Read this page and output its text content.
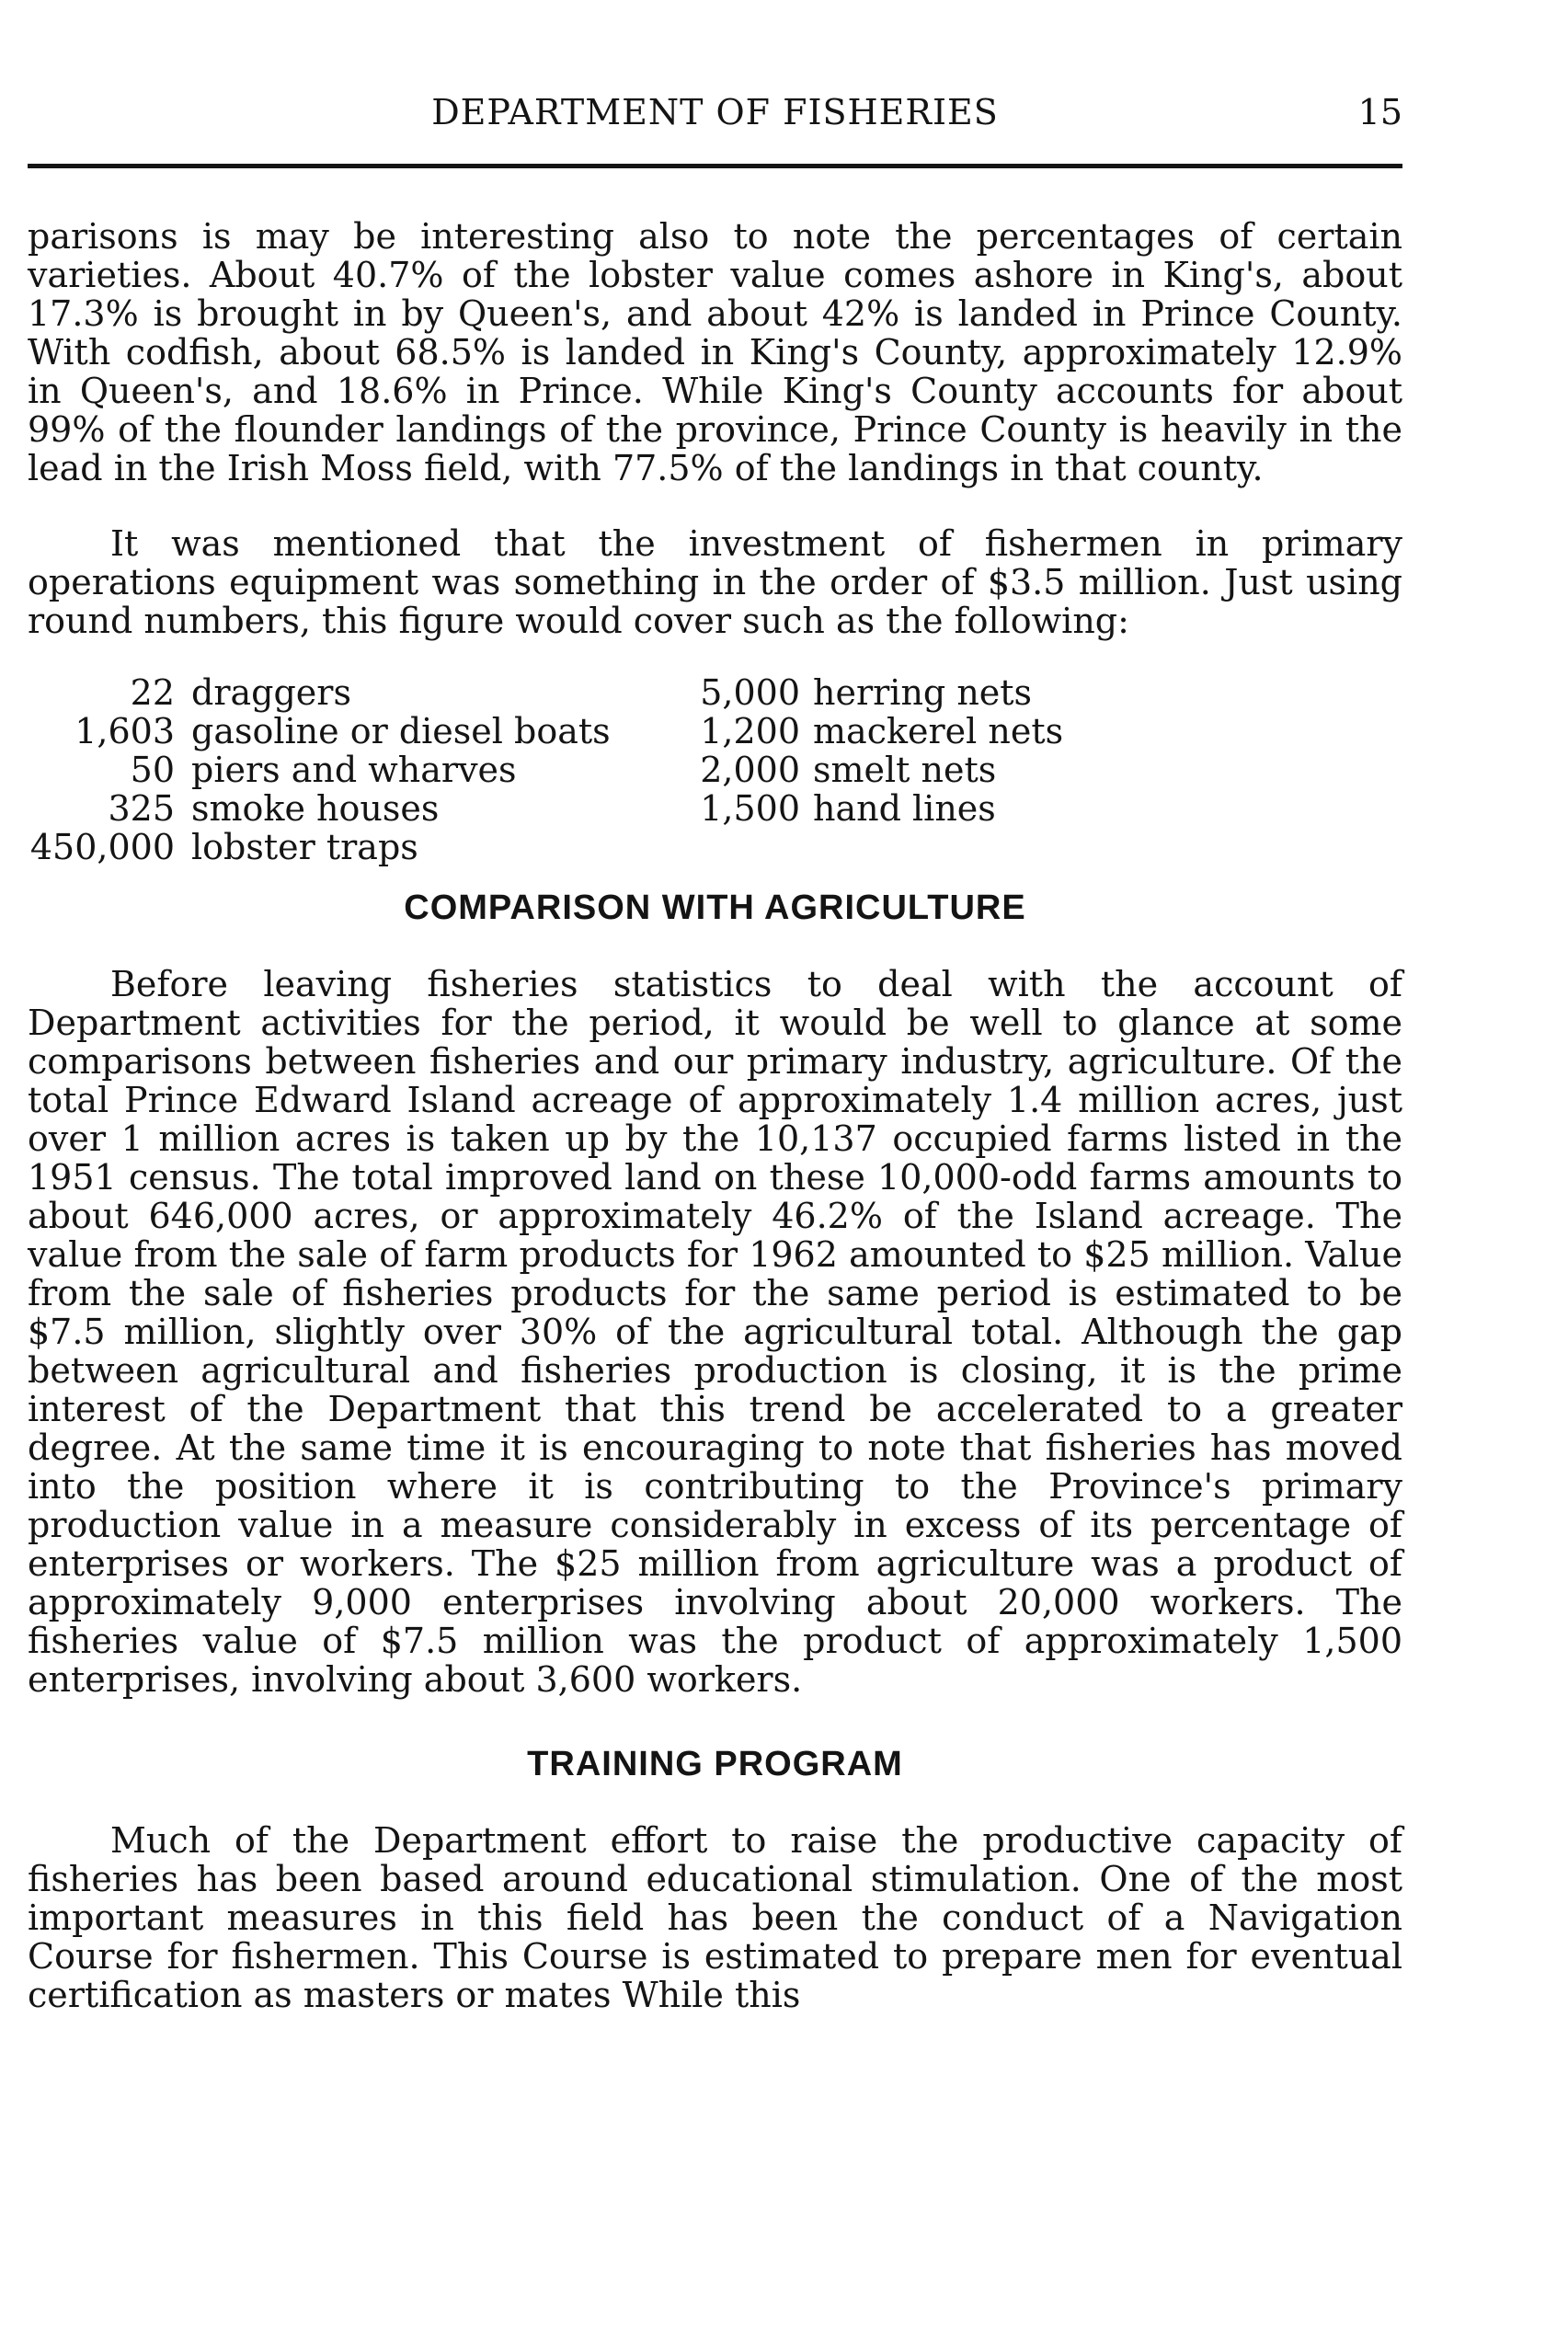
DEPARTMENT OF FISHERIES	15

parisons is may be interesting also to note the percentages of certain varieties. About 40.7% of the lobster value comes ashore in King's, about 17.3% is brought in by Queen's, and about 42% is landed in Prince County. With codfish, about 68.5% is landed in King's County, approximately 12.9% in Queen's, and 18.6% in Prince. While King's County accounts for about 99% of the flounder landings of the province, Prince County is heavily in the lead in the Irish Moss field, with 77.5% of the landings in that county.

It was mentioned that the investment of fishermen in primary operations equipment was something in the order of $3.5 million. Just using round numbers, this figure would cover such as the following:

22 draggers
1,603 gasoline or diesel boats
50 piers and wharves
325 smoke houses
450,000 lobster traps
5,000 herring nets
1,200 mackerel nets
2,000 smelt nets
1,500 hand lines
COMPARISON WITH AGRICULTURE

Before leaving fisheries statistics to deal with the account of Department activities for the period, it would be well to glance at some comparisons between fisheries and our primary industry, agriculture. Of the total Prince Edward Island acreage of approximately 1.4 million acres, just over 1 million acres is taken up by the 10,137 occupied farms listed in the 1951 census. The total improved land on these 10,000-odd farms amounts to about 646,000 acres, or approximately 46.2% of the Island acreage. The value from the sale of farm products for 1962 amounted to $25 million. Value from the sale of fisheries products for the same period is estimated to be $7.5 million, slightly over 30% of the agricultural total. Although the gap between agricultural and fisheries production is closing, it is the prime interest of the Department that this trend be accelerated to a greater degree. At the same time it is encouraging to note that fisheries has moved into the position where it is contributing to the Province's primary production value in a measure considerably in excess of its percentage of enterprises or workers. The $25 million from agriculture was a product of approximately 9,000 enterprises involving about 20,000 workers. The fisheries value of $7.5 million was the product of approximately 1,500 enterprises, involving about 3,600 workers.

TRAINING PROGRAM

Much of the Department effort to raise the productive capacity of fisheries has been based around educational stimulation. One of the most important measures in this field has been the conduct of a Navigation Course for fishermen. This Course is estimated to prepare men for eventual certification as masters or mates While this
